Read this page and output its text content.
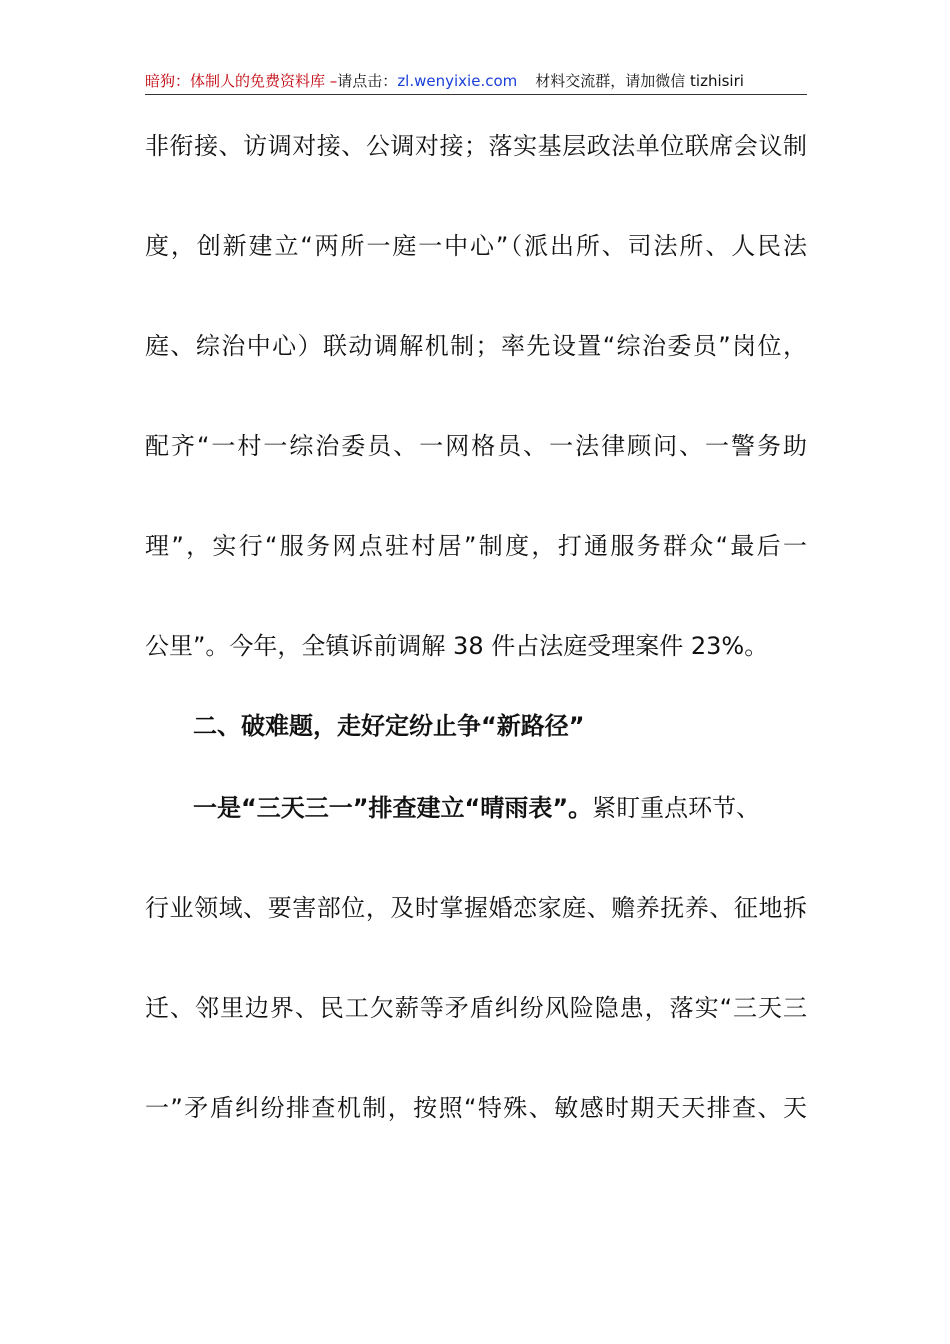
暗狗：体制人的免费资料库 –请点击：zl.wenyixie.com 材料交流群，请加微信 tizhisiri
非衔接、访调对接、公调对接；落实基层政法单位联席会议制
度，创新建立“两所一庭一中心”（派出所、司法所、人民法
庭、综治中心）联动调解机制；率先设置“综治委员”岗位，
配齐“一村一综治委员、一网格员、一法律顾问、一警务助
理”，实行“服务网点驻村居”制度，打通服务群众“最后一
公里”。今年，全镇诉前调解 38 件占法庭受理案件 23%。
二、破难题，走好定纷止争“新路径”
一是“三天三一”排查建立“晴雨表”。紧盯重点环节、
行业领域、要害部位，及时掌握婚恋家庭、赡养抚养、征地拆
迁、邻里边界、民工欠薪等矛盾纠纷风险隐患，落实“三天三
一”矛盾纠纷排查机制，按照“特殊、敏感时期天天排查、天
